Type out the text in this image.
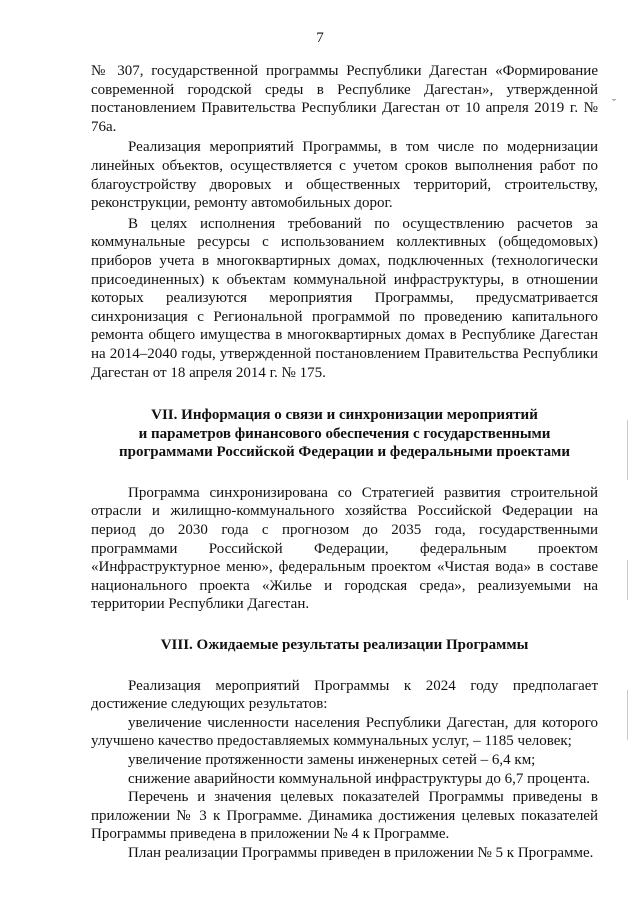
7

№ 307, государственной программы Республики Дагестан «Формирование современной городской среды в Республике Дагестан», утвержденной постановлением Правительства Республики Дагестан от 10 апреля 2019 г. № 76а.

Реализация мероприятий Программы, в том числе по модернизации линейных объектов, осуществляется с учетом сроков выполнения работ по благоустройству дворовых и общественных территорий, строительству, реконструкции, ремонту автомобильных дорог.

В целях исполнения требований по осуществлению расчетов за коммунальные ресурсы с использованием коллективных (общедомовых) приборов учета в многоквартирных домах, подключенных (технологически присоединенных) к объектам коммунальной инфраструктуры, в отношении которых реализуются мероприятия Программы, предусматривается синхронизация с Региональной программой по проведению капитального ремонта общего имущества в многоквартирных домах в Республике Дагестан на 2014–2040 годы, утвержденной постановлением Правительства Республики Дагестан от 18 апреля 2014 г. № 175.

VII. Информация о связи и синхронизации мероприятий

и параметров финансового обеспечения с государственными

программами Российской Федерации и федеральными проектами

Программа синхронизирована со Стратегией развития строительной отрасли и жилищно-коммунального хозяйства Российской Федерации на период до 2030 года с прогнозом до 2035 года, государственными программами Российской Федерации, федеральным проектом «Инфраструктурное меню», федеральным проектом «Чистая вода» в составе национального проекта «Жилье и городская среда», реализуемыми на территории Республики Дагестан.

VIII. Ожидаемые результаты реализации Программы

Реализация мероприятий Программы к 2024 году предполагает достижение следующих результатов:

увеличение численности населения Республики Дагестан, для которого улучшено качество предоставляемых коммунальных услуг, – 1185 человек;

увеличение протяженности замены инженерных сетей – 6,4 км;

снижение аварийности коммунальной инфраструктуры до 6,7 процента.

Перечень и значения целевых показателей Программы приведены в приложении № 3 к Программе. Динамика достижения целевых показателей Программы приведена в приложении № 4 к Программе.

План реализации Программы приведен в приложении № 5 к Программе.

˘
